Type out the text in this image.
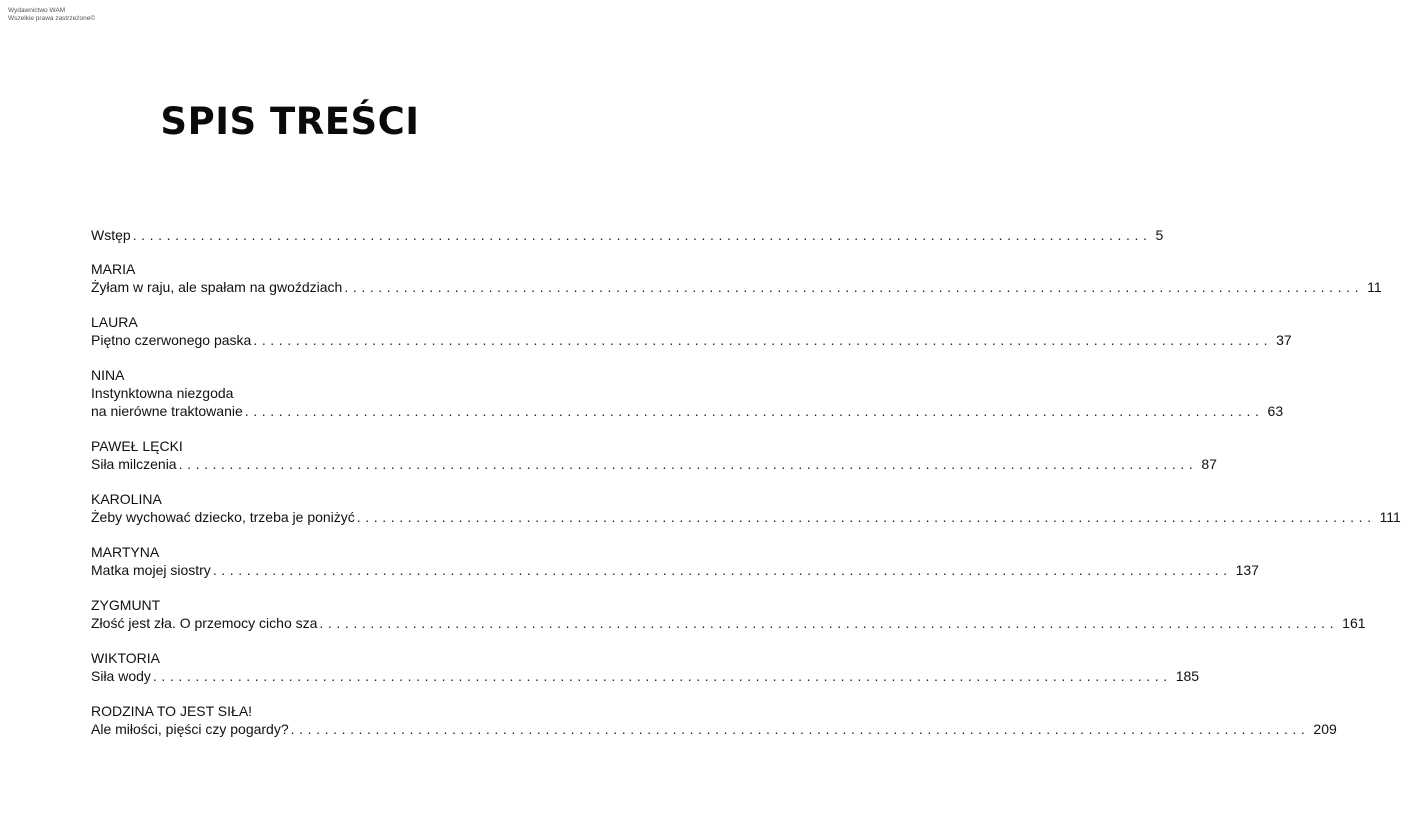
Wydawnictwo WAM
Wszelkie prawa zastrzeżone©
SPIS TREŚCI
Wstęp ........................................................................................................................ 5
MARIA
Żyłam w raju, ale spałam na gwoździach ........................................................................................................................ 11
LAURA
Piętno czerwonego paska ........................................................................................................................ 37
NINA
Instynktowna niezgoda
na nierówne traktowanie ........................................................................................................................ 63
PAWEŁ LĘCKI
Siła milczenia ........................................................................................................................ 87
KAROLINA
Żeby wychować dziecko, trzeba je poniżyć ........................................................................................................................ 111
MARTYNA
Matka mojej siostry ........................................................................................................................ 137
ZYGMUNT
Złość jest zła. O przemocy cicho sza ........................................................................................................................ 161
WIKTORIA
Siła wody ........................................................................................................................ 185
RODZINA TO JEST SIŁA!
Ale miłości, pięści czy pogardy? ........................................................................................................................ 209
